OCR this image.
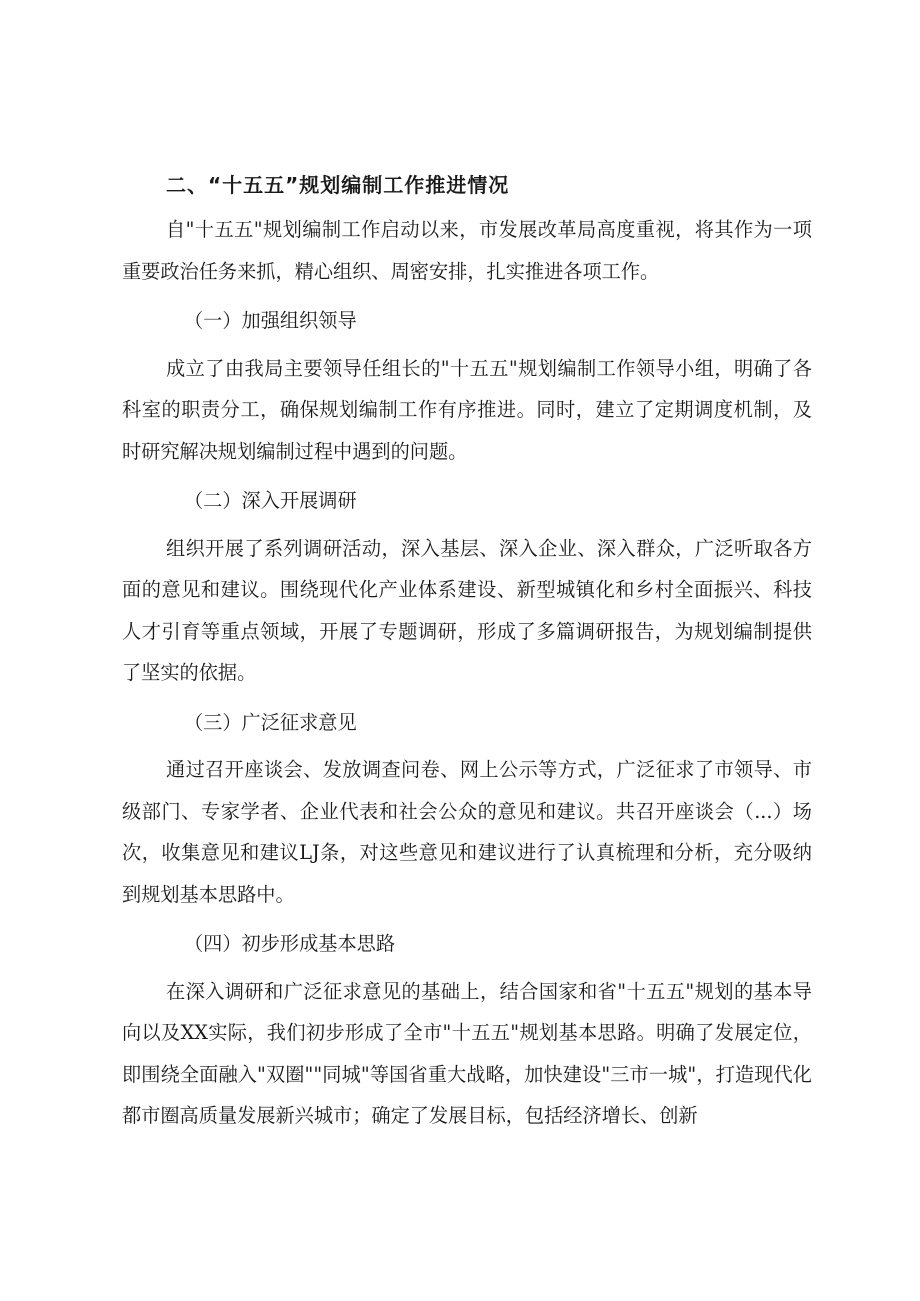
二、“十五五”规划编制工作推进情况

自"十五五"规划编制工作启动以来，市发展改革局高度重视，将其作为一项重要政治任务来抓，精心组织、周密安排，扎实推进各项工作。

（一）加强组织领导

成立了由我局主要领导任组长的"十五五"规划编制工作领导小组，明确了各科室的职责分工，确保规划编制工作有序推进。同时，建立了定期调度机制，及时研究解决规划编制过程中遇到的问题。

（二）深入开展调研

组织开展了系列调研活动，深入基层、深入企业、深入群众，广泛听取各方面的意见和建议。围绕现代化产业体系建设、新型城镇化和乡村全面振兴、科技人才引育等重点领域，开展了专题调研，形成了多篇调研报告，为规划编制提供了坚实的依据。

（三）广泛征求意见

通过召开座谈会、发放调查问卷、网上公示等方式，广泛征求了市领导、市级部门、专家学者、企业代表和社会公众的意见和建议。共召开座谈会（...）场次，收集意见和建议LJ条，对这些意见和建议进行了认真梳理和分析，充分吸纳到规划基本思路中。

（四）初步形成基本思路

在深入调研和广泛征求意见的基础上，结合国家和省"十五五"规划的基本导向以及XX实际，我们初步形成了全市"十五五"规划基本思路。明确了发展定位，即围绕全面融入"双圈""同城"等国省重大战略，加快建设"三市一城"，打造现代化都市圈高质量发展新兴城市；确定了发展目标，包括经济增长、创新
